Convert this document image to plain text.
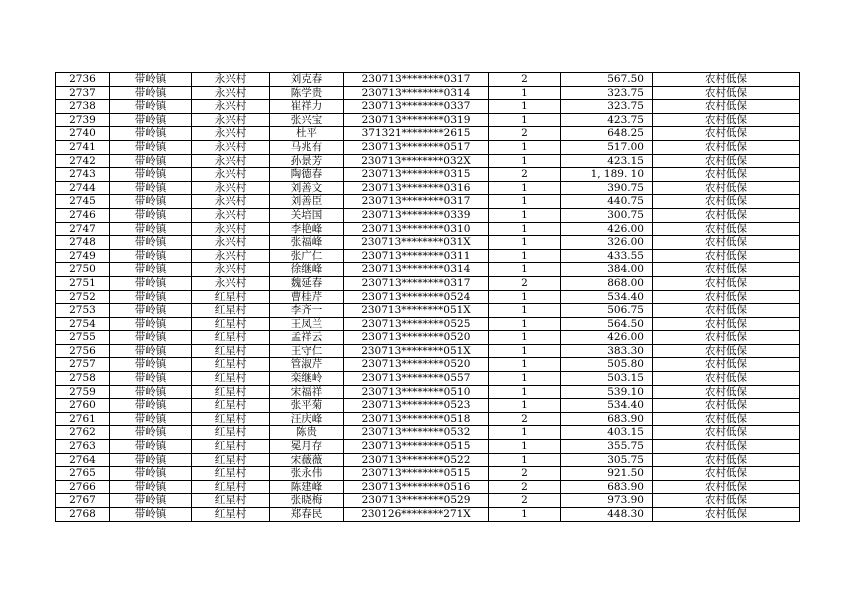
2736	带岭镇	永兴村	刘克春	230713********0317	2	567.50	农村低保
2737	带岭镇	永兴村	陈学贵	230713********0314	1	323.75	农村低保
2738	带岭镇	永兴村	崔祥力	230713********0337	1	323.75	农村低保
2739	带岭镇	永兴村	张兴宝	230713********0319	1	423.75	农村低保
2740	带岭镇	永兴村	杜平	371321********2615	2	648.25	农村低保
2741	带岭镇	永兴村	马兆有	230713********0517	1	517.00	农村低保
2742	带岭镇	永兴村	孙景芳	230713********032X	1	423.15	农村低保
2743	带岭镇	永兴村	陶德春	230713********0315	2	1, 189. 10	农村低保
2744	带岭镇	永兴村	刘善文	230713********0316	1	390.75	农村低保
2745	带岭镇	永兴村	刘善臣	230713********0317	1	440.75	农村低保
2746	带岭镇	永兴村	关培国	230713********0339	1	300.75	农村低保
2747	带岭镇	永兴村	李艳峰	230713********0310	1	426.00	农村低保
2748	带岭镇	永兴村	张福峰	230713********031X	1	326.00	农村低保
2749	带岭镇	永兴村	张广仁	230713********0311	1	433.55	农村低保
2750	带岭镇	永兴村	徐继峰	230713********0314	1	384.00	农村低保
2751	带岭镇	永兴村	魏延春	230713********0317	2	868.00	农村低保
2752	带岭镇	红星村	曹桂芹	230713********0524	1	534.40	农村低保
2753	带岭镇	红星村	李齐一	230713********051X	1	506.75	农村低保
2754	带岭镇	红星村	王凤兰	230713********0525	1	564.50	农村低保
2755	带岭镇	红星村	孟祥云	230713********0520	1	426.00	农村低保
2756	带岭镇	红星村	王守仁	230713********051X	1	383.30	农村低保
2757	带岭镇	红星村	管淑芹	230713********0520	1	505.80	农村低保
2758	带岭镇	红星村	栾继岭	230713********0557	1	503.15	农村低保
2759	带岭镇	红星村	宋福祥	230713********0510	1	539.10	农村低保
2760	带岭镇	红星村	张平菊	230713********0523	1	534.40	农村低保
2761	带岭镇	红星村	汪庆峰	230713********0518	2	683.90	农村低保
2762	带岭镇	红星村	陈贵	230713********0532	1	403.15	农村低保
2763	带岭镇	红星村	冕月存	230713********0515	1	355.75	农村低保
2764	带岭镇	红星村	宋薇薇	230713********0522	1	305.75	农村低保
2765	带岭镇	红星村	张永伟	230713********0515	2	921.50	农村低保
2766	带岭镇	红星村	陈建峰	230713********0516	2	683.90	农村低保
2767	带岭镇	红星村	张晓梅	230713********0529	2	973.90	农村低保
2768	带岭镇	红星村	郑春民	230126********271X	1	448.30	农村低保
